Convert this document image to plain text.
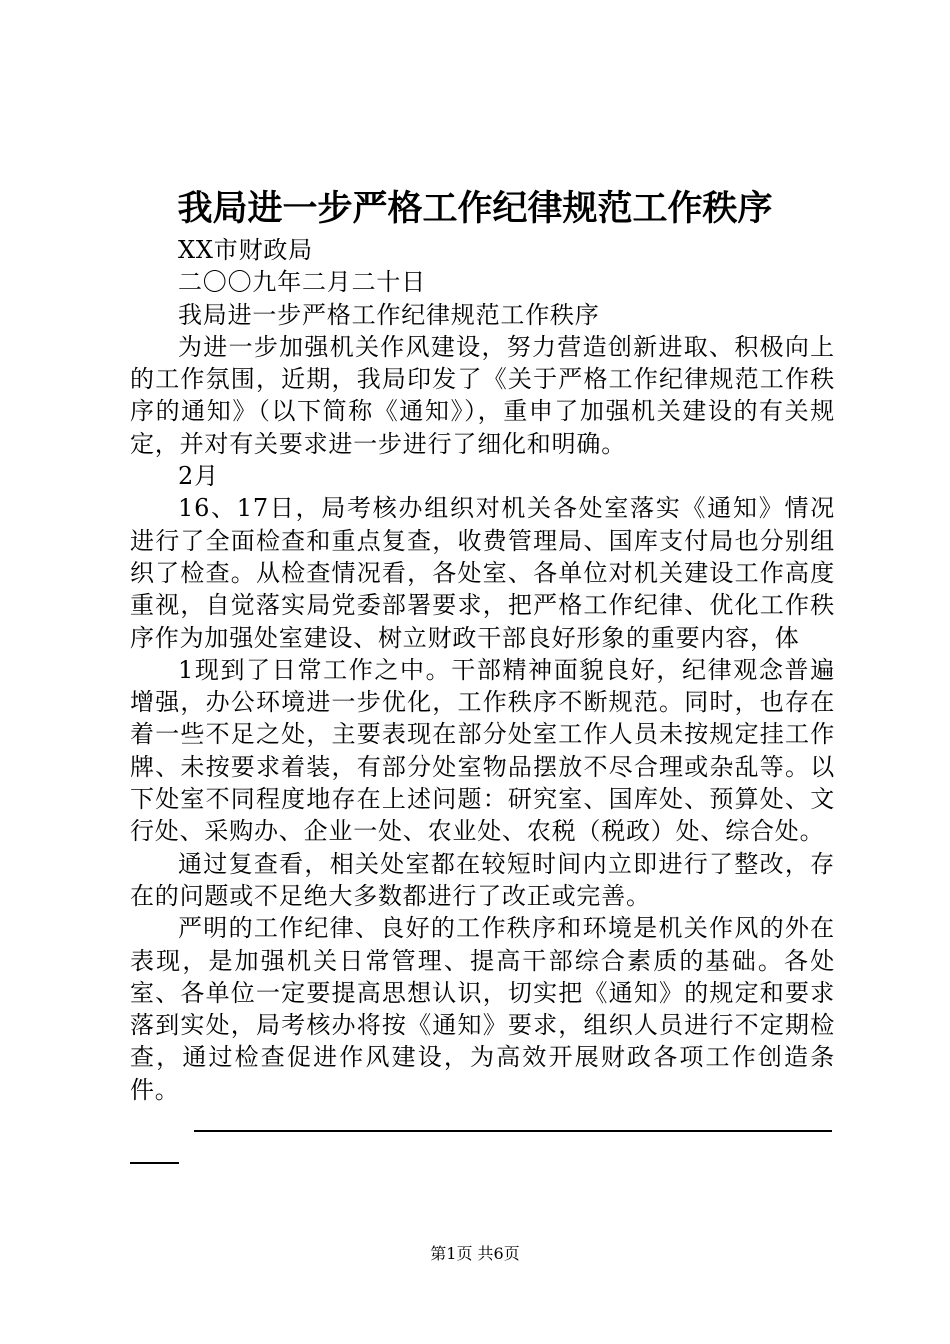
我局进一步严格工作纪律规范工作秩序

XX市财政局

二〇〇九年二月二十日

我局进一步严格工作纪律规范工作秩序

为进一步加强机关作风建设，努力营造创新进取、积极向上的工作氛围，近期，我局印发了《关于严格工作纪律规范工作秩序的通知》（以下简称《通知》），重申了加强机关建设的有关规定，并对有关要求进一步进行了细化和明确。

2月

16、17日，局考核办组织对机关各处室落实《通知》情况进行了全面检查和重点复查，收费管理局、国库支付局也分别组织了检查。从检查情况看，各处室、各单位对机关建设工作高度重视，自觉落实局党委部署要求，把严格工作纪律、优化工作秩序作为加强处室建设、树立财政干部良好形象的重要内容，体

1现到了日常工作之中。干部精神面貌良好，纪律观念普遍增强，办公环境进一步优化，工作秩序不断规范。同时，也存在着一些不足之处，主要表现在部分处室工作人员未按规定挂工作牌、未按要求着装，有部分处室物品摆放不尽合理或杂乱等。以下处室不同程度地存在上述问题：研究室、国库处、预算处、文行处、采购办、企业一处、农业处、农税（税政）处、综合处。

通过复查看，相关处室都在较短时间内立即进行了整改，存在的问题或不足绝大多数都进行了改正或完善。

严明的工作纪律、良好的工作秩序和环境是机关作风的外在表现，是加强机关日常管理、提高干部综合素质的基础。各处室、各单位一定要提高思想认识，切实把《通知》的规定和要求落到实处，局考核办将按《通知》要求，组织人员进行不定期检查，通过检查促进作风建设，为高效开展财政各项工作创造条件。

第1页 共6页
